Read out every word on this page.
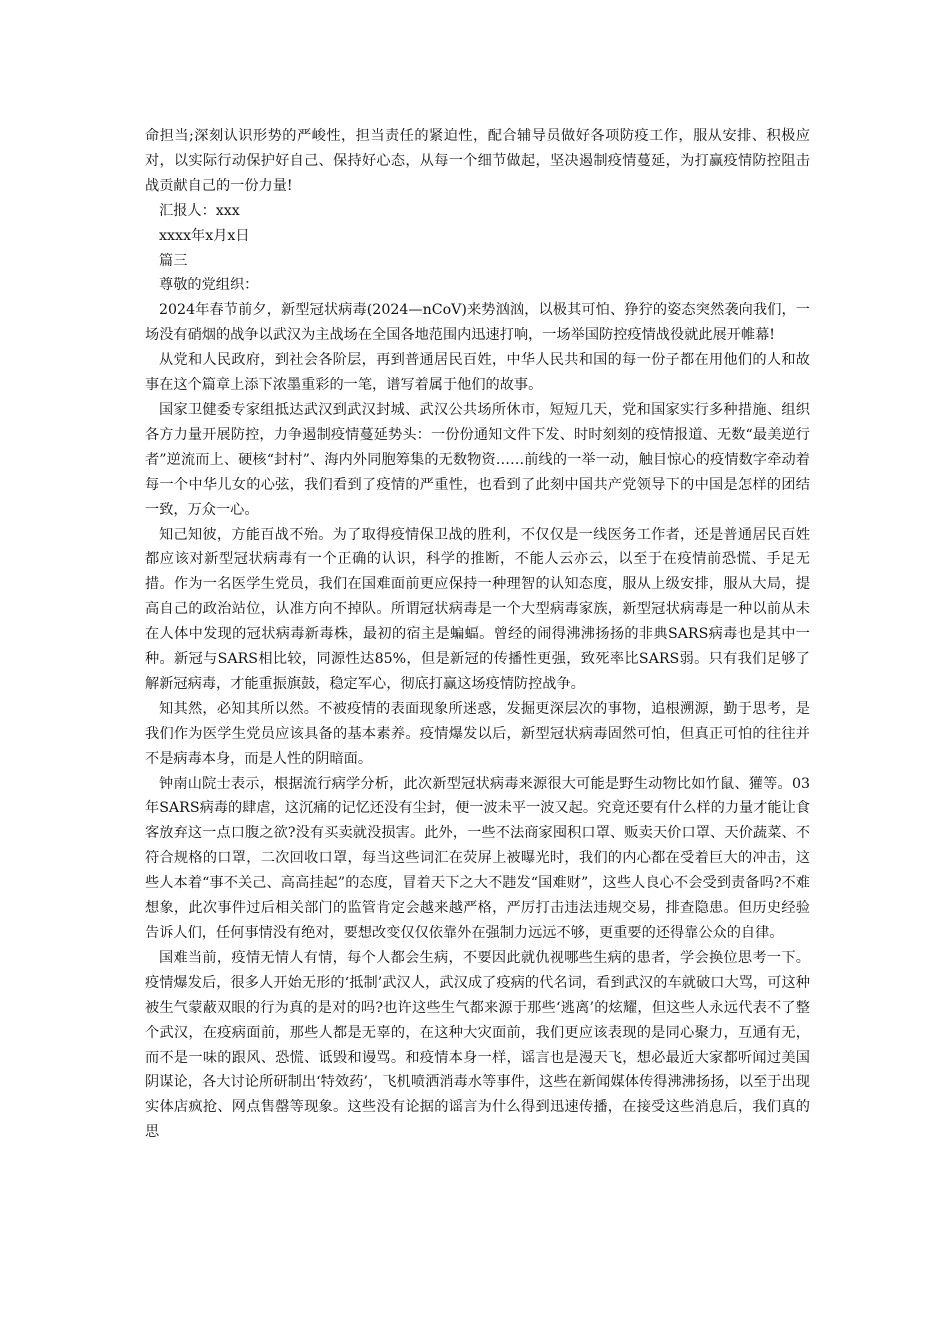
命担当;深刻认识形势的严峻性，担当责任的紧迫性，配合辅导员做好各项防疫工作，服从安排、积极应对，以实际行动保护好自己、保持好心态，从每一个细节做起，坚决遏制疫情蔓延，为打赢疫情防控阻击战贡献自己的一份力量!

汇报人：xxx

xxxx年x月x日

篇三

尊敬的党组织：

2024年春节前夕，新型冠状病毒(2024—nCoV)来势汹汹，以极其可怕、狰狞的姿态突然袭向我们，一场没有硝烟的战争以武汉为主战场在全国各地范围内迅速打响，一场举国防控疫情战役就此展开帷幕!

从党和人民政府，到社会各阶层，再到普通居民百姓，中华人民共和国的每一份子都在用他们的人和故事在这个篇章上添下浓墨重彩的一笔，谱写着属于他们的故事。

国家卫健委专家组抵达武汉到武汉封城、武汉公共场所休市，短短几天，党和国家实行多种措施、组织各方力量开展防控，力争遏制疫情蔓延势头：一份份通知文件下发、时时刻刻的疫情报道、无数“最美逆行者”逆流而上、硬核“封村”、海内外同胞筹集的无数物资……前线的一举一动，触目惊心的疫情数字牵动着每一个中华儿女的心弦，我们看到了疫情的严重性，也看到了此刻中国共产党领导下的中国是怎样的团结一致，万众一心。

知己知彼，方能百战不殆。为了取得疫情保卫战的胜利，不仅仅是一线医务工作者，还是普通居民百姓都应该对新型冠状病毒有一个正确的认识，科学的推断，不能人云亦云，以至于在疫情前恐慌、手足无措。作为一名医学生党员，我们在国难面前更应保持一种理智的认知态度，服从上级安排，服从大局，提高自己的政治站位，认准方向不掉队。所谓冠状病毒是一个大型病毒家族，新型冠状病毒是一种以前从未在人体中发现的冠状病毒新毒株，最初的宿主是蝙蝠。曾经的闹得沸沸扬扬的非典SARS病毒也是其中一种。新冠与SARS相比较，同源性达85%，但是新冠的传播性更强，致死率比SARS弱。只有我们足够了解新冠病毒，才能重振旗鼓，稳定军心，彻底打赢这场疫情防控战争。

知其然，必知其所以然。不被疫情的表面现象所迷惑，发掘更深层次的事物，追根溯源，勤于思考，是我们作为医学生党员应该具备的基本素养。疫情爆发以后，新型冠状病毒固然可怕，但真正可怕的往往并不是病毒本身，而是人性的阴暗面。

钟南山院士表示，根据流行病学分析，此次新型冠状病毒来源很大可能是野生动物比如竹鼠、獾等。03年SARS病毒的肆虐，这沉痛的记忆还没有尘封，便一波未平一波又起。究竟还要有什么样的力量才能让食客放弃这一点口腹之欲?没有买卖就没损害。此外，一些不法商家囤积口罩、贩卖天价口罩、天价蔬菜、不符合规格的口罩，二次回收口罩，每当这些词汇在荧屏上被曝光时，我们的内心都在受着巨大的冲击，这些人本着“事不关己、高高挂起”的态度，冒着天下之大不韪发“国难财”，这些人良心不会受到责备吗?不难想象，此次事件过后相关部门的监管肯定会越来越严格，严厉打击违法违规交易，排查隐患。但历史经验告诉人们，任何事情没有绝对，要想改变仅仅依靠外在强制力远远不够，更重要的还得靠公众的自律。

国难当前，疫情无情人有情，每个人都会生病，不要因此就仇视哪些生病的患者，学会换位思考一下。疫情爆发后，很多人开始无形的‘抵制’武汉人，武汉成了疫病的代名词，看到武汉的车就破口大骂，可这种被生气蒙蔽双眼的行为真的是对的吗?也许这些生气都来源于那些‘逃离’的炫耀，但这些人永远代表不了整个武汉，在疫病面前，那些人都是无辜的，在这种大灾面前，我们更应该表现的是同心聚力，互通有无，而不是一味的跟风、恐慌、诋毁和谩骂。和疫情本身一样，谣言也是漫天飞，想必最近大家都听闻过美国阴谋论，各大讨论所研制出‘特效药’，飞机喷洒消毒水等事件，这些在新闻媒体传得沸沸扬扬，以至于出现实体店疯抢、网点售罄等现象。这些没有论据的谣言为什么得到迅速传播，在接受这些消息后，我们真的思
